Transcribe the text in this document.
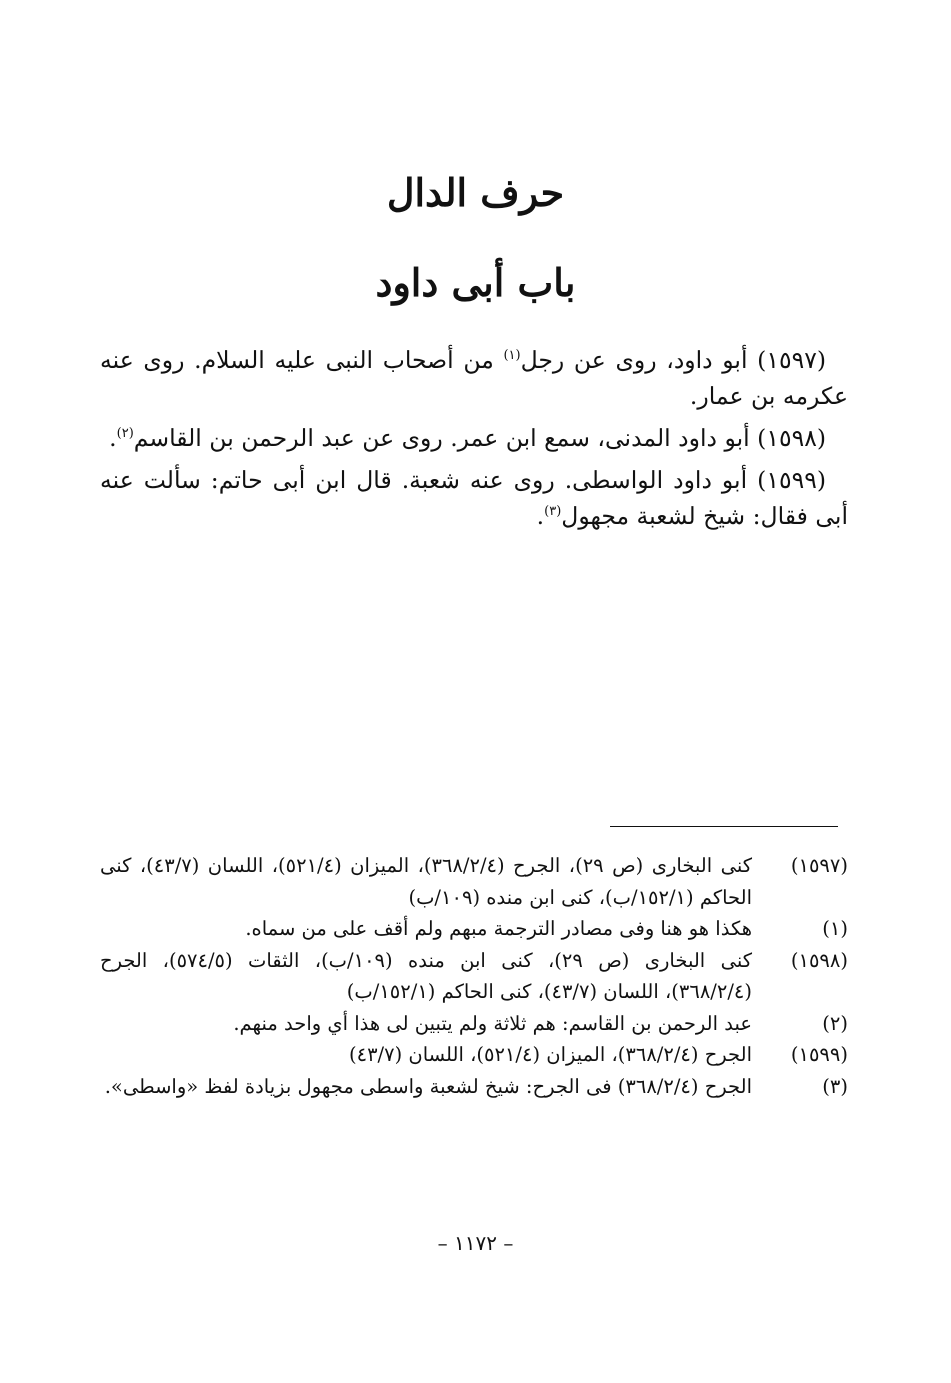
حرف الدال
باب أبى داود

(١٥٩٧) أبو داود، روى عن رجل$^{(١)}$ من أصحاب النبى عليه السلام. روى عنه عكرمه بن عمار.

(١٥٩٨) أبو داود المدنى، سمع ابن عمر. روى عن عبد الرحمن بن القاسم$^{(٢)}$.

(١٥٩٩) أبو داود الواسطى. روى عنه شعبة. قال ابن أبى حاتم: سألت عنه أبى فقال: شيخ لشعبة مجهول$^{(٣)}$.

(١٥٩٧)
كنى البخارى (ص ٢٩)، الجرح (٣٦٨/٢/٤)، الميزان (٥٢١/٤)، اللسان (٤٣/٧)، كنى الحاكم (١٥٢/١/ب)، كنى ابن منده (١٠٩/ب)
(١)
هكذا هو هنا وفى مصادر الترجمة مبهم ولم أقف على من سماه.
(١٥٩٨)
كنى البخارى (ص ٢٩)، كنى ابن منده (١٠٩/ب)، الثقات (٥٧٤/٥)، الجرح (٣٦٨/٢/٤)، اللسان (٤٣/٧)، كنى الحاكم (١٥٢/١/ب)
(٢)
عبد الرحمن بن القاسم: هم ثلاثة ولم يتبين لى هذا أي واحد منهم.
(١٥٩٩)
الجرح (٣٦٨/٢/٤)، الميزان (٥٢١/٤)، اللسان (٤٣/٧)
(٣)
الجرح (٣٦٨/٢/٤) فى الجرح: شيخ لشعبة واسطى مجهول بزيادة لفظ «واسطى».
– ١١٧٢ –
